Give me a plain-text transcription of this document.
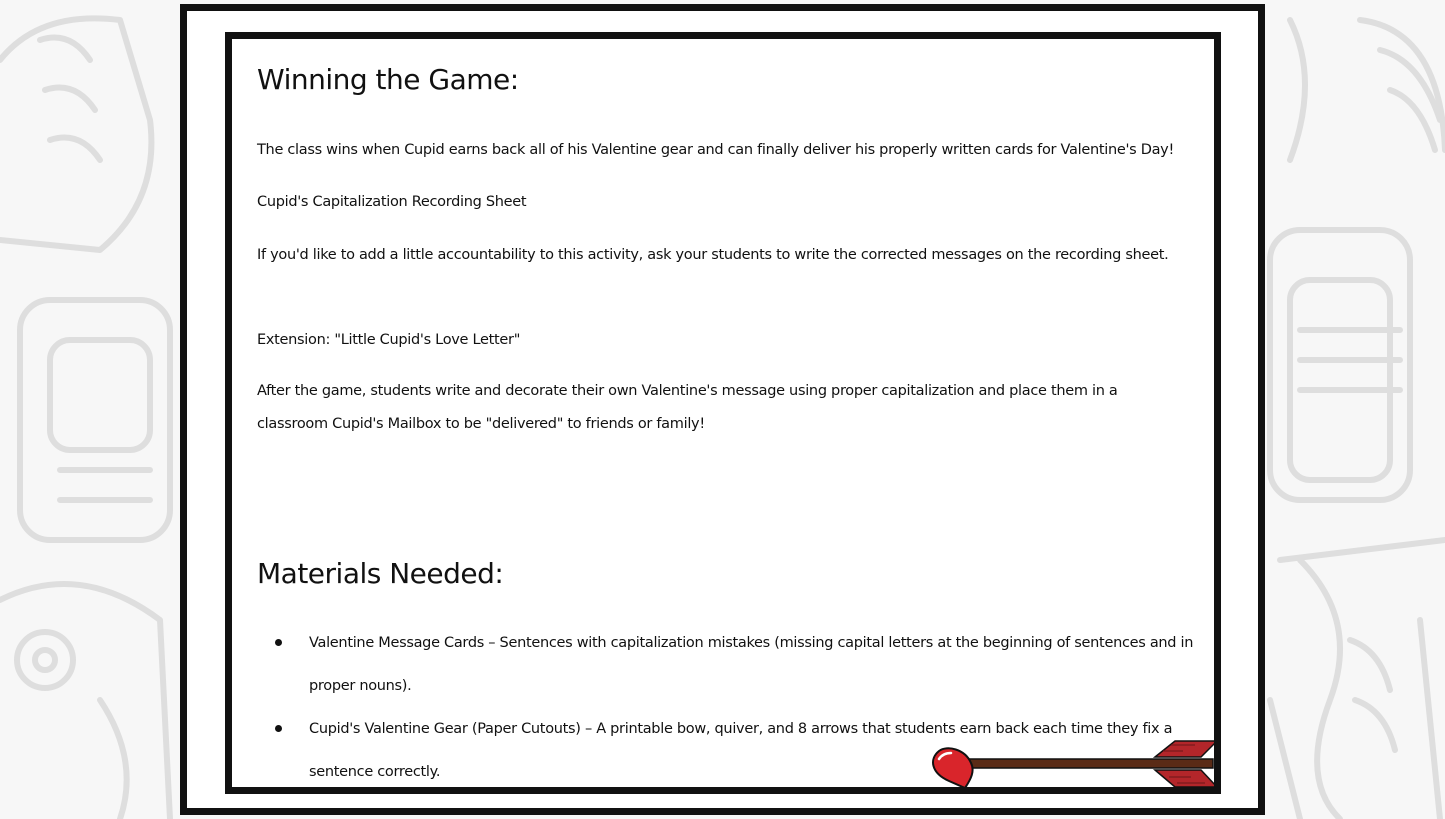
Winning the Game:

The class wins when Cupid earns back all of his Valentine gear and can finally deliver his properly written cards for Valentine's Day!

Cupid's Capitalization Recording Sheet

If you'd like to add a little accountability to this activity, ask your students to write the corrected messages on the recording sheet.

Extension: "Little Cupid's Love Letter"

After the game, students write and decorate their own Valentine's message using proper capitalization and place them in a classroom Cupid's Mailbox to be "delivered" to friends or family!

Materials Needed:
Valentine Message Cards – Sentences with capitalization mistakes (missing capital letters at the beginning of sentences and in proper nouns).
Cupid's Valentine Gear (Paper Cutouts) – A printable bow, quiver, and 8 arrows that students earn back each time they fix a sentence correctly.
